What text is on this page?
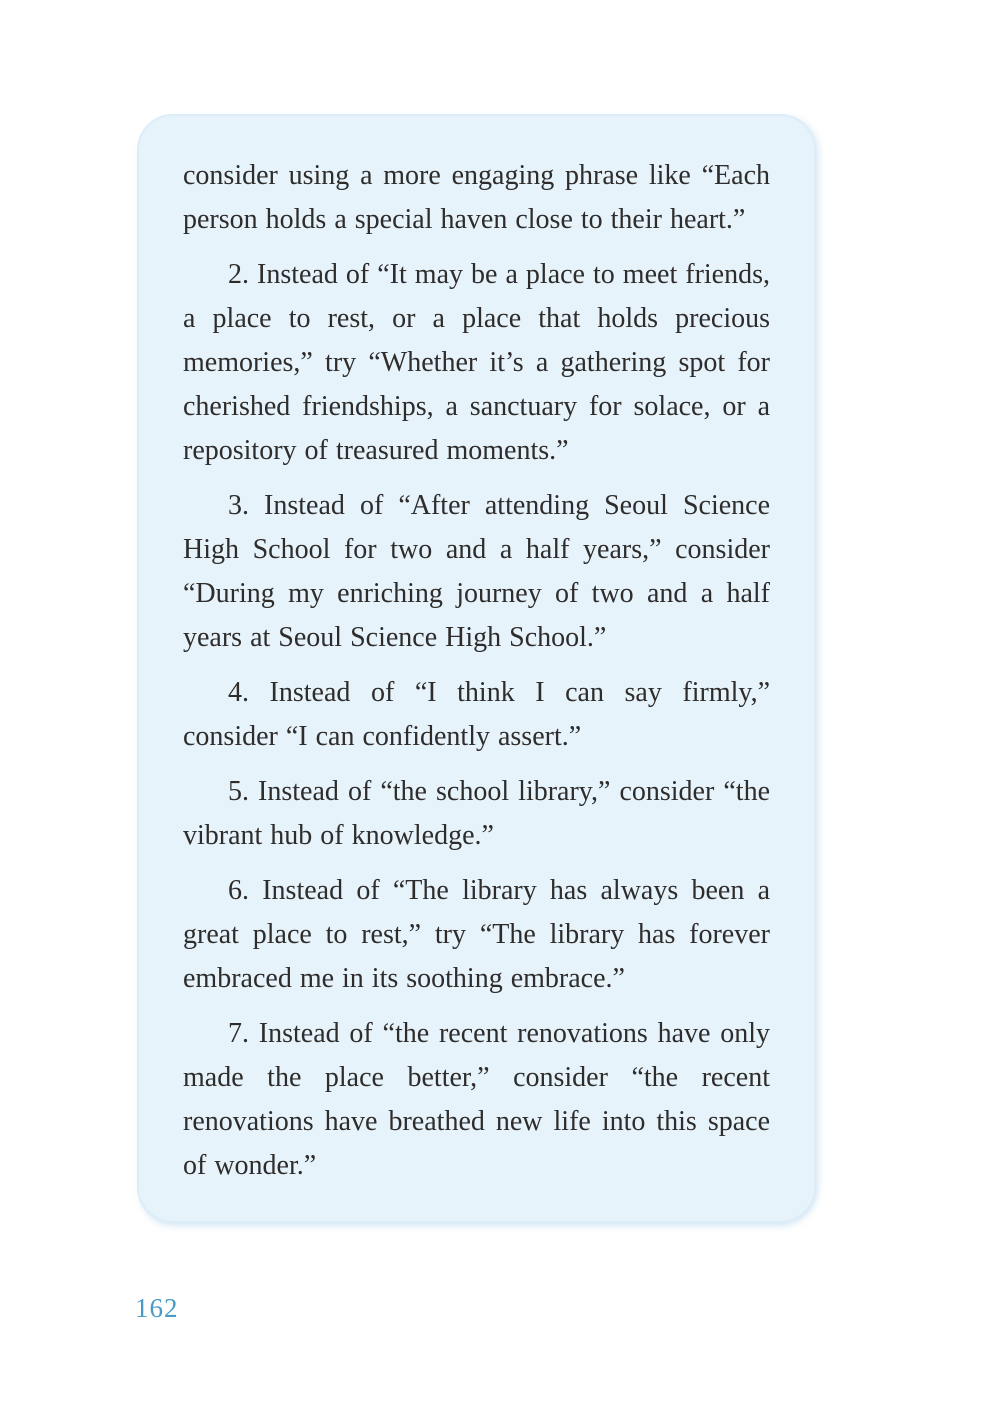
consider using a more engaging phrase like “Each person holds a special haven close to their heart.”

2. Instead of “It may be a place to meet friends, a place to rest, or a place that holds precious memories,” try “Whether it’s a gathering spot for cherished friendships, a sanctuary for solace, or a repository of treasured moments.”

3. Instead of “After attending Seoul Science High School for two and a half years,” consider “During my enriching journey of two and a half years at Seoul Science High School.”

4. Instead of “I think I can say firmly,” consider “I can confidently assert.”

5. Instead of “the school library,” consider “the vibrant hub of knowledge.”

6. Instead of “The library has always been a great place to rest,” try “The library has forever embraced me in its soothing embrace.”

7. Instead of “the recent renovations have only made the place better,” consider “the recent renovations have breathed new life into this space of wonder.”

162
